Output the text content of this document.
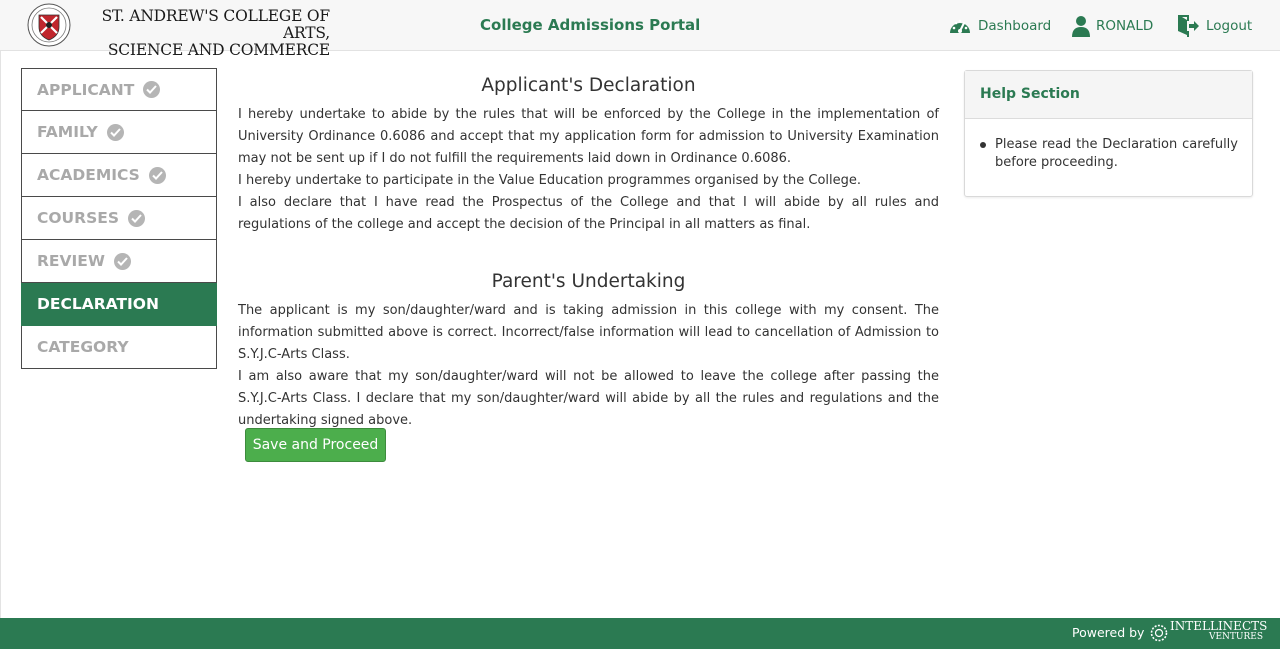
ST. ANDREW'S COLLEGE OF ARTS,
SCIENCE AND COMMERCE
College Admissions Portal	Dashboard	RONALD	Logout
APPLICANT
FAMILY
ACADEMICS
COURSES
REVIEW
DECLARATION
CATEGORY
Applicant's Declaration

I hereby undertake to abide by the rules that will be enforced by the College in the implementation of University Ordinance 0.6086 and accept that my application form for admission to University Examination may not be sent up if I do not fulfill the requirements laid down in Ordinance 0.6086.

I hereby undertake to participate in the Value Education programmes organised by the College.

I also declare that I have read the Prospectus of the College and that I will abide by all rules and regulations of the college and accept the decision of the Principal in all matters as final.

Parent's Undertaking

The applicant is my son/daughter/ward and is taking admission in this college with my consent. The information submitted above is correct. Incorrect/false information will lead to cancellation of Admission to S.Y.J.C-Arts Class.

I am also aware that my son/daughter/ward will not be allowed to leave the college after passing the S.Y.J.C-Arts Class. I declare that my son/daughter/ward will abide by all the rules and regulations and the undertaking signed above.

Save and Proceed
Help Section
Please read the Declaration carefully before proceeding.
Powered by INTELLINECTS
VENTURES
